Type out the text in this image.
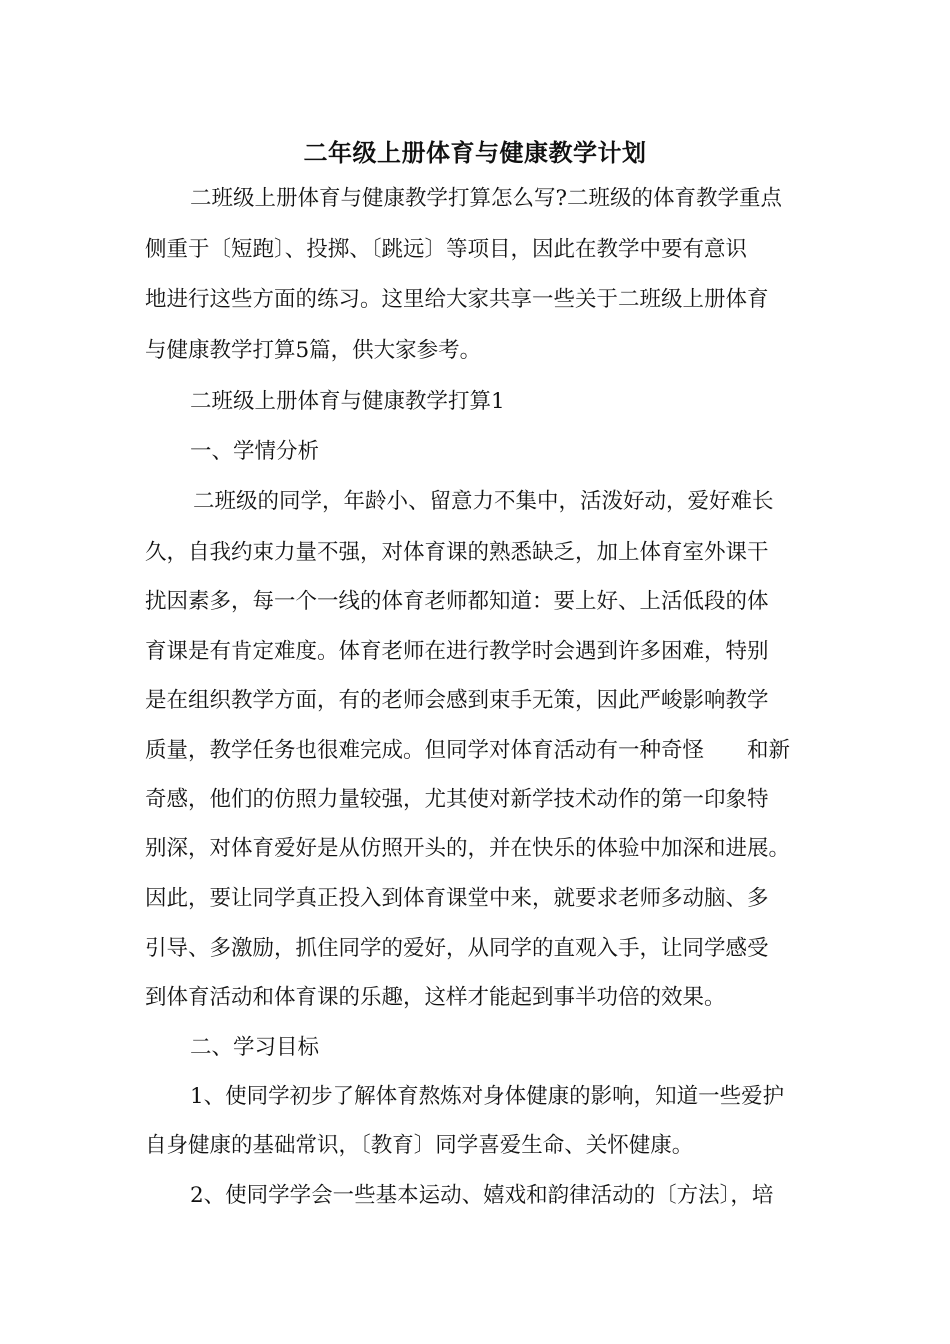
二年级上册体育与健康教学计划

二班级上册体育与健康教学打算怎么写?二班级的体育教学重点

侧重于〔短跑〕、投掷、〔跳远〕等项目，因此在教学中要有意识

地进行这些方面的练习。这里给大家共享一些关于二班级上册体育

与健康教学打算5篇，供大家参考。

二班级上册体育与健康教学打算1

一、学情分析

二班级的同学，年龄小、留意力不集中，活泼好动，爱好难长

久，自我约束力量不强，对体育课的熟悉缺乏，加上体育室外课干

扰因素多，每一个一线的体育老师都知道：要上好、上活低段的体

育课是有肯定难度。体育老师在进行教学时会遇到许多困难，特别

是在组织教学方面，有的老师会感到束手无策，因此严峻影响教学

质量，教学任务也很难完成。但同学对体育活动有一种奇怪　　和新

奇感，他们的仿照力量较强，尤其使对新学技术动作的第一印象特

别深，对体育爱好是从仿照开头的，并在快乐的体验中加深和进展。

因此，要让同学真正投入到体育课堂中来，就要求老师多动脑、多

引导、多激励，抓住同学的爱好，从同学的直观入手，让同学感受

到体育活动和体育课的乐趣，这样才能起到事半功倍的效果。

二、学习目标

1、使同学初步了解体育熬炼对身体健康的影响，知道一些爱护

自身健康的基础常识，〔教育〕同学喜爱生命、关怀健康。

2、使同学学会一些基本运动、嬉戏和韵律活动的〔方法〕，培
